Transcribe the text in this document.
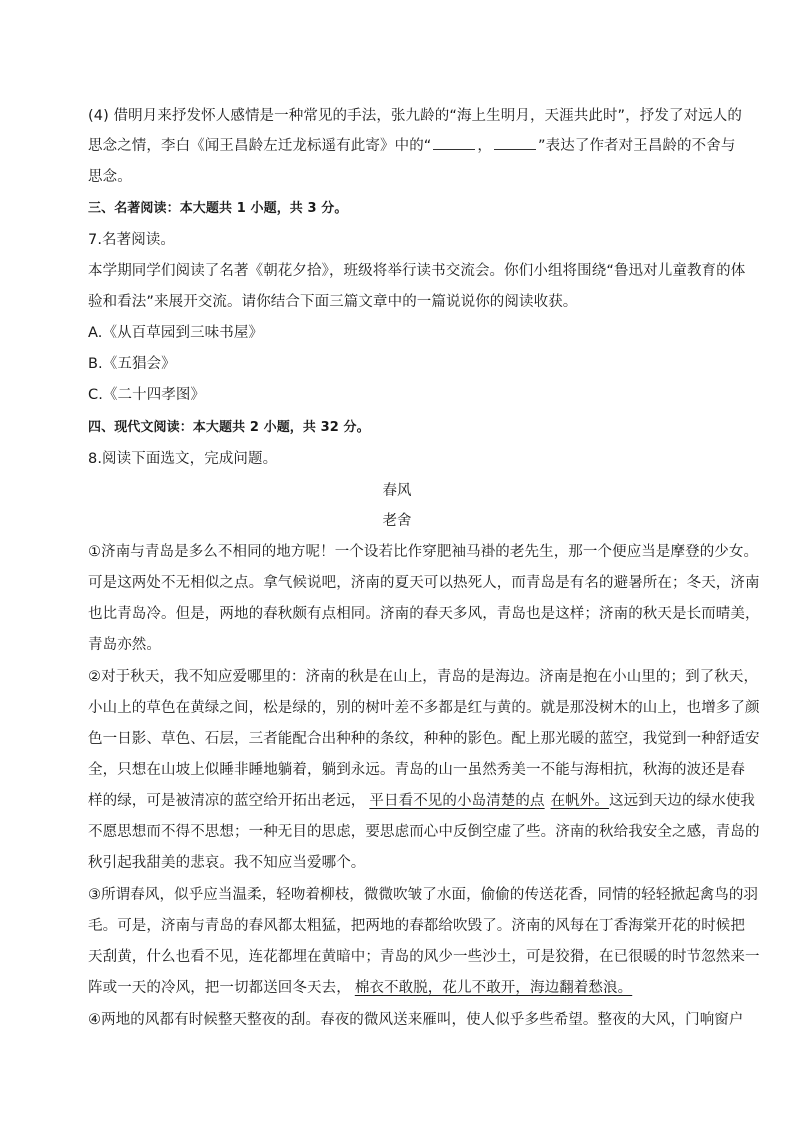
(4) 借明月来抒发怀人感情是一种常见的手法，张九龄的“海上生明月，天涯共此时”，抒发了对远人的
思念之情，李白《闻王昌龄左迁龙标遥有此寄》中的“	，	”表达了作者对王昌龄的不舍与
思念。
三、名著阅读：本大题共 1 小题，共 3 分。
7.名著阅读。
本学期同学们阅读了名著《朝花夕拾》，班级将举行读书交流会。你们小组将围绕“鲁迅对儿童教育的体
验和看法”来展开交流。请你结合下面三篇文章中的一篇说说你的阅读收获。
A.《从百草园到三味书屋》
B.《五猖会》
C.《二十四孝图》
四、现代文阅读：本大题共 2 小题，共 32 分。
8.阅读下面选文，完成问题。
春风
老舍
①济南与青岛是多么不相同的地方呢！一个设若比作穿肥袖马褂的老先生，那一个便应当是摩登的少女。
可是这两处不无相似之点。拿气候说吧，济南的夏天可以热死人，而青岛是有名的避暑所在；冬天，济南
也比青岛冷。但是，两地的春秋颇有点相同。济南的春天多风，青岛也是这样；济南的秋天是长而晴美，
青岛亦然。
②对于秋天，我不知应爱哪里的：济南的秋是在山上，青岛的是海边。济南是抱在小山里的；到了秋天，
小山上的草色在黄绿之间，松是绿的，别的树叶差不多都是红与黄的。就是那没树木的山上，也增多了颜
色一日影、草色、石层，三者能配合出种种的条纹，种种的影色。配上那光暖的蓝空，我觉到一种舒适安
全，只想在山坡上似睡非睡地躺着，躺到永远。青岛的山一虽然秀美一不能与海相抗，秋海的波还是春
样的绿，可是被清凉的蓝空给开拓出老远， 平日看不见的小岛清楚的点 在帆外。这远到天边的绿水使我
不愿思想而不得不思想；一种无目的思虑，要思虑而心中反倒空虚了些。济南的秋给我安全之感，青岛的
秋引起我甜美的悲哀。我不知应当爱哪个。
③所谓春风，似乎应当温柔，轻吻着柳枝，微微吹皱了水面，偷偷的传送花香，同情的轻轻掀起禽鸟的羽
毛。可是，济南与青岛的春风都太粗猛，把两地的春都给吹毁了。济南的风每在丁香海棠开花的时候把
天刮黄，什么也看不见，连花都埋在黄暗中；青岛的风少一些沙土，可是狡猾，在已很暖的时节忽然来一
阵或一天的冷风，把一切都送回冬天去， 棉衣不敢脱，花儿不敢开，海边翻着愁浪。
④两地的风都有时候整天整夜的刮。春夜的微风送来雁叫，使人似乎多些希望。整夜的大风，门响窗户
